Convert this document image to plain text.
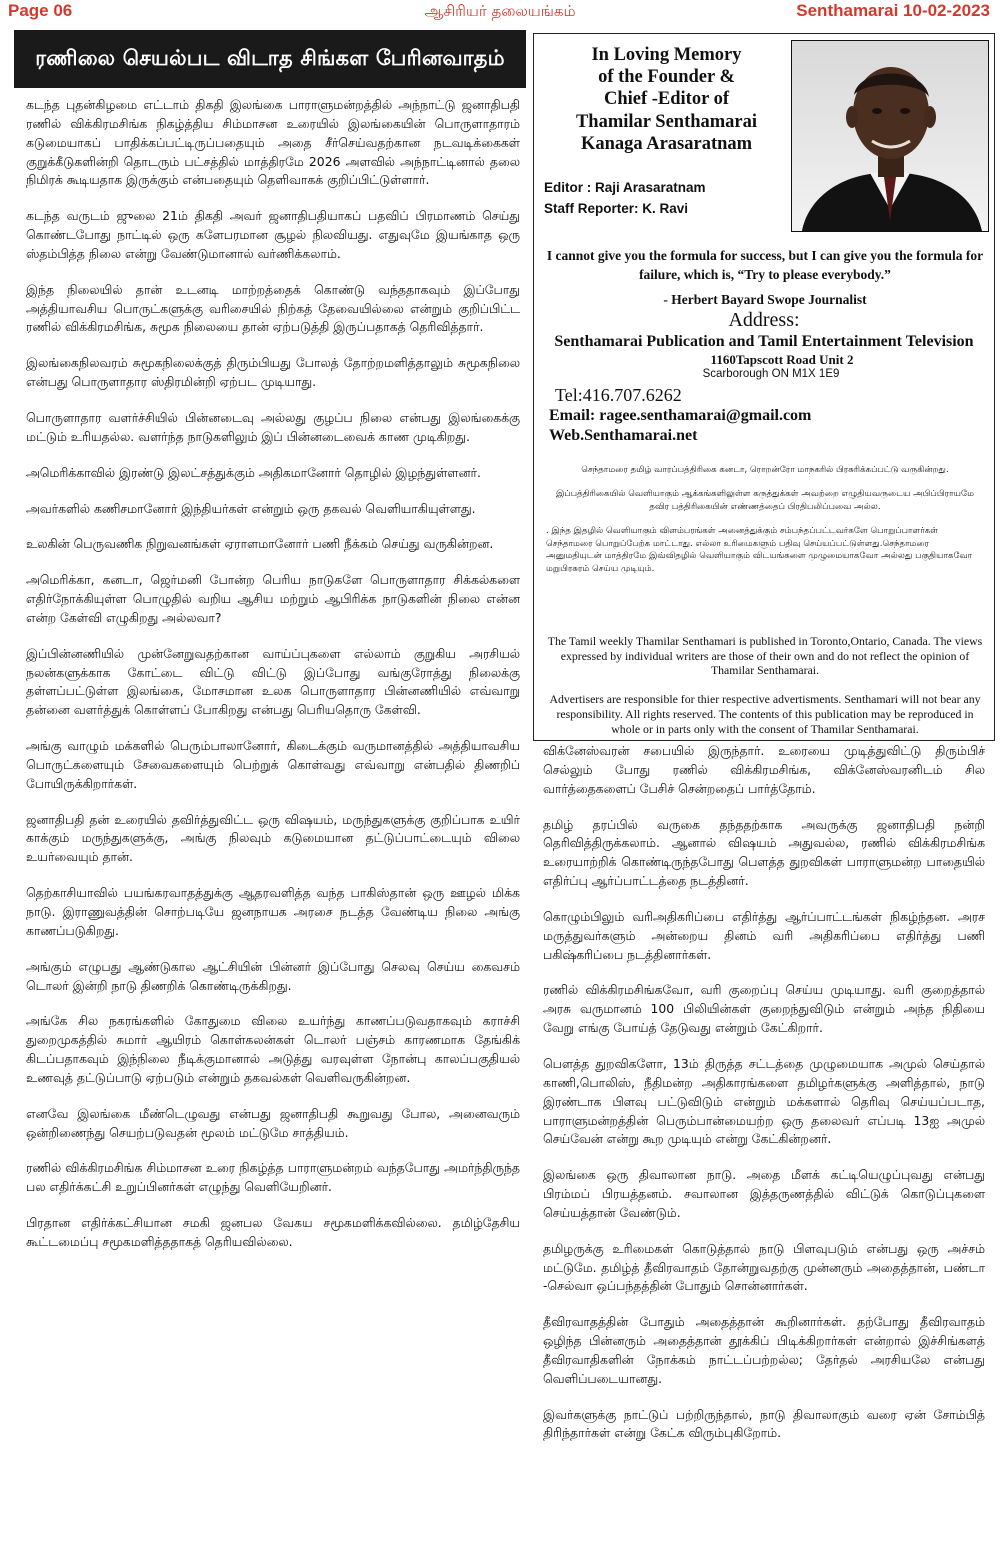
Page 06	ஆசிரியர் தலையங்கம்	Senthamarai 10-02-2023
ரணிலை செயல்பட விடாத சிங்கள பேரினவாதம்

கடந்த புதன்கிழமை எட்டாம் திகதி இலங்கை பாராளுமன்றத்தில் அந்நாட்டு ஜனாதிபதி ரணில் விக்கிரமசிங்க நிகழ்த்திய சிம்மாசன உரையில் இலங்கையின் பொருளாதாரம் கடுமையாகப் பாதிக்கப்பட்டிருப்பதையும் அதை சீர்செய்வதற்கான நடவடிக்கைகள் குறுக்கீடுகளின்றி தொடரும் பட்சத்தில் மாத்திரமே 2026 அளவில் அந்நாட்டினால் தலை நிமிரக் கூடியதாக இருக்கும் என்பதையும் தெளிவாகக் குறிப்பிட்டுள்ளார்.

கடந்த வருடம் ஜுலை 21ம் திகதி அவர் ஜனாதிபதியாகப் பதவிப் பிரமாணம் செய்து கொண்டபோது நாட்டில் ஒரு களேபரமான சூழல் நிலவியது. எதுவுமே இயங்காத ஒரு ஸ்தம்பித்த நிலை என்று வேண்டுமானால் வர்ணிக்கலாம்.

இந்த நிலையில் தான் உடனடி மாற்றத்தைக் கொண்டு வந்ததாகவும் இப்போது அத்தியாவசிய பொருட்களுக்கு வரிசையில் நிற்கத் தேவையில்லை என்றும் குறிப்பிட்ட ரணில் விக்கிரமசிங்க, சுமூக நிலையை தான் ஏற்படுத்தி இருப்பதாகத் தெரிவித்தார்.

இலங்கைநிலவரம் சுமூகநிலைக்குத் திரும்பியது போலத் தோற்றமளித்தாலும் சுமூகநிலை என்பது பொருளாதார ஸ்திரமின்றி ஏற்பட முடியாது.

பொருளாதார வளர்ச்சியில் பின்னடைவு அல்லது குழப்ப நிலை என்பது இலங்கைக்கு மட்டும் உரியதல்ல. வளர்ந்த நாடுகளிலும் இப் பின்னடைவைக் காண முடிகிறது.

அமெரிக்காவில் இரண்டு இலட்சத்துக்கும் அதிகமானோர் தொழில் இழந்துள்ளனர்.

அவர்களில் கணிசமானோர் இந்தியர்கள் என்றும் ஒரு தகவல் வெளியாகியுள்ளது.

உலகின் பெருவணிக நிறுவனங்கள் ஏராளமானோர் பணி நீக்கம் செய்து வருகின்றன.

அமெரிக்கா, கனடா, ஜெர்மனி போன்ற பெரிய நாடுகளே பொருளாதார சிக்கல்களை எதிர்நோக்கியுள்ள பொழுதில் வறிய ஆசிய மற்றும் ஆபிரிக்க நாடுகளின் நிலை என்ன என்ற கேள்வி எழுகிறது அல்லவா?

இப்பின்னணியில் முன்னேறுவதற்கான வாய்ப்புகளை எல்லாம் குறுகிய அரசியல் நலன்களுக்காக கோட்டை விட்டு விட்டு இப்போது வங்குரோத்து நிலைக்கு தள்ளப்பட்டுள்ள இலங்கை, மோசமான உலக பொருளாதார பின்னணியில் எவ்வாறு தன்னை வளர்த்துக் கொள்ளப் போகிறது என்பது பெரியதொரு கேள்வி.

அங்கு வாழும் மக்களில் பெரும்பாலானோர், கிடைக்கும் வருமானத்தில் அத்தியாவசிய பொருட்களையும் சேவைகளையும் பெற்றுக் கொள்வது எவ்வாறு என்பதில் திணறிப் போயிருக்கிறார்கள்.

ஜனாதிபதி தன் உரையில் தவிர்த்துவிட்ட ஒரு விஷயம், மருந்துகளுக்கு குறிப்பாக உயிர் காக்கும் மருந்துகளுக்கு, அங்கு நிலவும் கடுமையான தட்டுப்பாட்டையும் விலை உயர்வையும் தான்.

தெற்காசியாவில் பயங்கரவாதத்துக்கு ஆதரவளித்த வந்த பாகிஸ்தான் ஒரு ஊழல் மிக்க நாடு. இராணுவத்தின் சொற்படியே ஜனநாயக அரசை நடத்த வேண்டிய நிலை அங்கு காணப்படுகிறது.

அங்கும் எழுபது ஆண்டுகால ஆட்சியின் பின்னர் இப்போது செலவு செய்ய கைவசம் டொலர் இன்றி நாடு திணறிக் கொண்டிருக்கிறது.

அங்கே சில நகரங்களில் கோதுமை விலை உயர்ந்து காணப்படுவதாகவும் கராச்சி துறைமுகத்தில் சுமார் ஆயிரம் கொள்கலன்கள் டொலர் பஞ்சம் காரணமாக தேங்கிக் கிடப்பதாகவும் இந்நிலை நீடிக்குமானால் அடுத்து வரவுள்ள நோன்பு காலப்பகுதியல் உணவுத் தட்டுப்பாடு ஏற்படும் என்றும் தகவல்கள் வெளிவருகின்றன.

எனவே இலங்கை மீண்டெழுவது என்பது ஜனாதிபதி கூறுவது போல, அனைவரும் ஒன்றிணைந்து செயற்படுவதன் மூலம் மட்டுமே சாத்தியம்.

ரணில் விக்கிரமசிங்க சிம்மாசன உரை நிகழ்த்த பாராளுமன்றம் வந்தபோது அமர்ந்திருந்த பல எதிர்க்கட்சி உறுப்பினர்கள் எழுந்து வெளியேறினர்.

பிரதான எதிர்க்கட்சியான சமகி ஜனபல வேகய சமூகமளிக்கவில்லை. தமிழ்தேசிய கூட்டமைப்பு சமூகமளித்ததாகத் தெரியவில்லை.

In Loving Memory
of the Founder &
Chief -Editor of
Thamilar Senthamarai
Kanaga Arasaratnam
Editor : Raji Arasaratnam
Staff Reporter: K. Ravi
I cannot give you the formula for success, but I can give you the formula for failure, which is, “Try to please everybody.”
- Herbert Bayard Swope Journalist
Address:
Senthamarai Publication and Tamil Entertainment Television
1160Tapscott Road Unit 2
Scarborough ON M1X 1E9
Tel:416.707.6262
Email: ragee.senthamarai@gmail.com
Web.Senthamarai.net

செந்தாமரை தமிழ் வாரப்பத்திரிகை கனடா, ரொறன்ரோ மாநகரில் பிரசுரிக்கப்பட்டு வருகின்றது.

இப்பத்திரிகையில் வெளியாகும் ஆக்கங்களிலுள்ள கருத்துக்கள் அவற்றை எழுதியவருடைய அபிப்பிராயமே தவிர பத்திரிகையின் எண்ணத்தைப் பிரதிபலிப்பவை அல்ல.

. இந்த இதழில் வெளியாகும் விளம்பரங்கள் அனைத்துக்கும் சம்பந்தப்பட்டவர்களே பொறுப்பாளர்கள் செந்தாமரை பொறுப்பேற்க மாட்டாது. எல்லா உரிமைகளும் பதிவு செய்யப்பட்டுள்ளது.செந்தாமரை அனுமதியுடன் மாத்திரமே இவ்விதழில் வெளியாகும் விடயங்களை முழுமையாகவோ அல்லது பகுதியாகவோ மறுபிரசுரம் செய்ய முடியும்.

The Tamil weekly Thamilar Senthamari is published in Toronto,Ontario, Canada. The views expressed by individual writers are those of their own and do not reflect the opinion of Thamilar Senthamarai.

Advertisers are responsible for thier respective advertisments. Senthamari will not bear any responsibility. All rights reserved. The contents of this publication may be reproduced in whole or in parts only with the consent of Thamilar Senthamarai.

விக்னேஸ்வரன் சபையில் இருந்தார். உரையை முடித்துவிட்டு திரும்பிச் செல்லும் போது ரணில் விக்கிரமசிங்க, விக்னேஸ்வரனிடம் சில வார்த்தைகளைப் பேசிச் சென்றதைப் பார்த்தோம்.

தமிழ் தரப்பில் வருகை தந்ததற்காக அவருக்கு ஜனாதிபதி நன்றி தெரிவித்திருக்கலாம். ஆனால் விஷயம் அதுவல்ல, ரணில் விக்கிரமசிங்க உரையாற்றிக் கொண்டிருந்தபோது பௌத்த துறவிகள் பாராளுமன்ற பாதையில் எதிர்ப்பு ஆர்ப்பாட்டத்தை நடத்தினர்.

கொழும்பிலும் வரிஅதிகரிப்பை எதிர்த்து ஆர்ப்பாட்டங்கள் நிகழ்ந்தன. அரச மருத்துவர்களும் அன்றைய தினம் வரி அதிகரிப்பை எதிர்த்து பணி பகிஷ்கரிப்பை நடத்தினார்கள்.

ரணில் விக்கிரமசிங்கவோ, வரி குறைப்பு செய்ய முடியாது. வரி குறைத்தால் அரசு வருமானம் 100 பிலியின்கள் குறைந்துவிடும் என்றும் அந்த நிதியை வேறு எங்கு போய்த் தேடுவது என்றும் கேட்கிறார்.

பௌத்த துறவிகளோ, 13ம் திருத்த சட்டத்தை முழுமையாக அமுல் செய்தால் காணி,பொலிஸ், நீதிமன்ற அதிகாரங்களை தமிழர்களுக்கு அளித்தால், நாடு இரண்டாக பிளவு பட்டுவிடும் என்றும் மக்களால் தெரிவு செய்யப்படாத, பாராளுமன்றத்தின் பெரும்பான்மையற்ற ஒரு தலைவர் எப்படி 13ஐ அமுல் செய்வேன் என்று கூற முடியும் என்று கேட்கின்றனர்.

இலங்கை ஒரு திவாலான நாடு. அதை மீளக் கட்டியெழுப்புவது என்பது பிரம்மப் பிரயத்தனம். சவாலான இத்தருணத்தில் விட்டுக் கொடுப்புகளை செய்யத்தான் வேண்டும்.

தமிழருக்கு உரிமைகள் கொடுத்தால் நாடு பிளவுபடும் என்பது ஒரு அச்சம் மட்டுமே. தமிழ்த் தீவிரவாதம் தோன்றுவதற்கு முன்னரும் அதைத்தான், பண்டா -செல்வா ஒப்பந்தத்தின் போதும் சொன்னார்கள்.

தீவிரவாதத்தின் போதும் அதைத்தான் கூறினார்கள். தற்போது தீவிரவாதம் ஒழிந்த பின்னரும் அதைத்தான் தூக்கிப் பிடிக்கிறார்கள் என்றால் இச்சிங்களத் தீவிரவாதிகளின் நோக்கம் நாட்டப்பற்றல்ல; தேர்தல் அரசியலே என்பது வெளிப்படையானது.

இவர்களுக்கு நாட்டுப் பற்றிருந்தால், நாடு திவாலாகும் வரை ஏன் சோம்பித் திரிந்தார்கள் என்று கேட்க விரும்புகிறோம்.
